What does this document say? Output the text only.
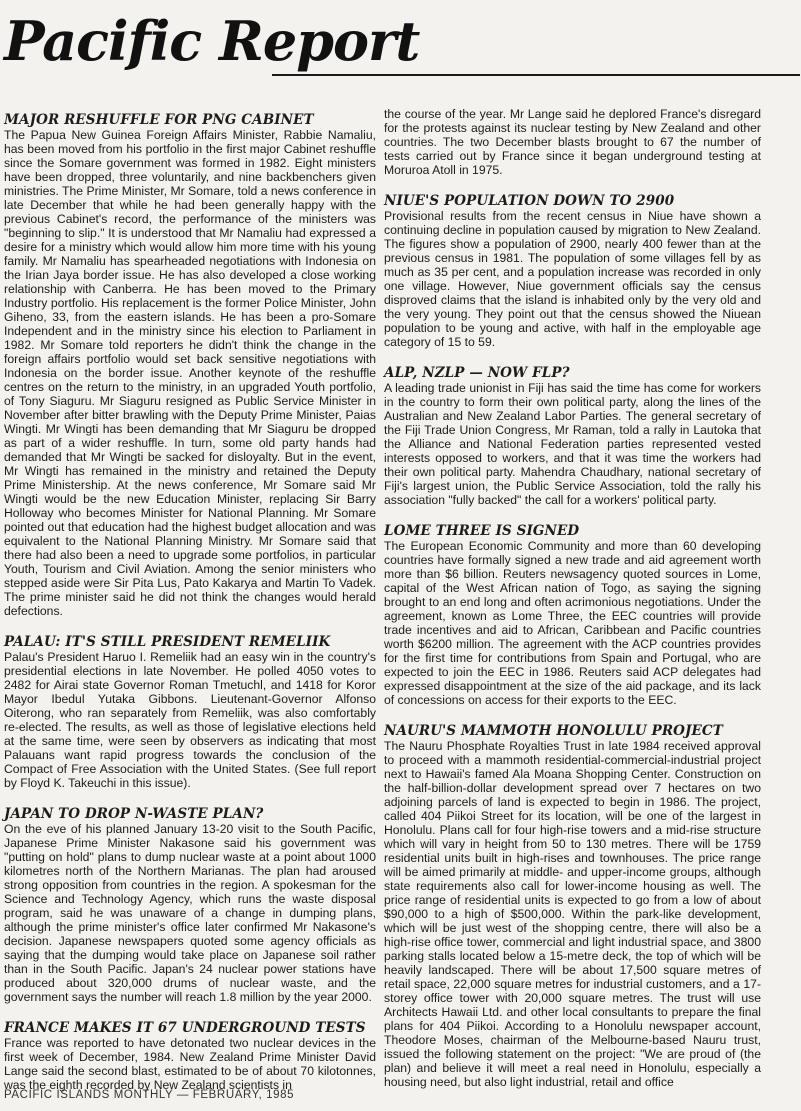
Pacific Report
MAJOR RESHUFFLE FOR PNG CABINET

The Papua New Guinea Foreign Affairs Minister, Rabbie Namaliu, has been moved from his portfolio in the first major Cabinet reshuffle since the Somare government was formed in 1982. Eight ministers have been dropped, three voluntarily, and nine backbenchers given ministries. The Prime Minister, Mr Somare, told a news conference in late December that while he had been generally happy with the previous Cabinet's record, the performance of the ministers was "beginning to slip." It is understood that Mr Namaliu had expressed a desire for a ministry which would allow him more time with his young family. Mr Namaliu has spearheaded negotiations with Indonesia on the Irian Jaya border issue. He has also developed a close working relationship with Canberra. He has been moved to the Primary Industry portfolio. His replacement is the former Police Minister, John Giheno, 33, from the eastern islands. He has been a pro-Somare Independent and in the ministry since his election to Parliament in 1982. Mr Somare told reporters he didn't think the change in the foreign affairs portfolio would set back sensitive negotiations with Indonesia on the border issue. Another keynote of the reshuffle centres on the return to the ministry, in an upgraded Youth portfolio, of Tony Siaguru. Mr Siaguru resigned as Public Service Minister in November after bitter brawling with the Deputy Prime Minister, Paias Wingti. Mr Wingti has been demanding that Mr Siaguru be dropped as part of a wider reshuffle. In turn, some old party hands had demanded that Mr Wingti be sacked for disloyalty. But in the event, Mr Wingti has remained in the ministry and retained the Deputy Prime Ministership. At the news conference, Mr Somare said Mr Wingti would be the new Education Minister, replacing Sir Barry Holloway who becomes Minister for National Planning. Mr Somare pointed out that education had the highest budget allocation and was equivalent to the National Planning Ministry. Mr Somare said that there had also been a need to upgrade some portfolios, in particular Youth, Tourism and Civil Aviation. Among the senior ministers who stepped aside were Sir Pita Lus, Pato Kakarya and Martin To Vadek. The prime minister said he did not think the changes would herald defections.

PALAU: IT'S STILL PRESIDENT REMELIIK

Palau's President Haruo I. Remeliik had an easy win in the country's presidential elections in late November. He polled 4050 votes to 2482 for Airai state Governor Roman Tmetuchl, and 1418 for Koror Mayor Ibedul Yutaka Gibbons. Lieutenant-Governor Alfonso Oiterong, who ran separately from Remeliik, was also comfortably re-elected. The results, as well as those of legislative elections held at the same time, were seen by observers as indicating that most Palauans want rapid progress towards the conclusion of the Compact of Free Association with the United States. (See full report by Floyd K. Takeuchi in this issue).

JAPAN TO DROP N-WASTE PLAN?

On the eve of his planned January 13-20 visit to the South Pacific, Japanese Prime Minister Nakasone said his government was "putting on hold" plans to dump nuclear waste at a point about 1000 kilometres north of the Northern Marianas. The plan had aroused strong opposition from countries in the region. A spokesman for the Science and Technology Agency, which runs the waste disposal program, said he was unaware of a change in dumping plans, although the prime minister's office later confirmed Mr Nakasone's decision. Japanese newspapers quoted some agency officials as saying that the dumping would take place on Japanese soil rather than in the South Pacific. Japan's 24 nuclear power stations have produced about 320,000 drums of nuclear waste, and the government says the number will reach 1.8 million by the year 2000.

FRANCE MAKES IT 67 UNDERGROUND TESTS

France was reported to have detonated two nuclear devices in the first week of December, 1984. New Zealand Prime Minister David Lange said the second blast, estimated to be of about 70 kilotonnes, was the eighth recorded by New Zealand scientists in

the course of the year. Mr Lange said he deplored France's disregard for the protests against its nuclear testing by New Zealand and other countries. The two December blasts brought to 67 the number of tests carried out by France since it began underground testing at Moruroa Atoll in 1975.

NIUE'S POPULATION DOWN TO 2900

Provisional results from the recent census in Niue have shown a continuing decline in population caused by migration to New Zealand. The figures show a population of 2900, nearly 400 fewer than at the previous census in 1981. The population of some villages fell by as much as 35 per cent, and a population increase was recorded in only one village. However, Niue government officials say the census disproved claims that the island is inhabited only by the very old and the very young. They point out that the census showed the Niuean population to be young and active, with half in the employable age category of 15 to 59.

ALP, NZLP — NOW FLP?

A leading trade unionist in Fiji has said the time has come for workers in the country to form their own political party, along the lines of the Australian and New Zealand Labor Parties. The general secretary of the Fiji Trade Union Congress, Mr Raman, told a rally in Lautoka that the Alliance and National Federation parties represented vested interests opposed to workers, and that it was time the workers had their own political party. Mahendra Chaudhary, national secretary of Fiji's largest union, the Public Service Association, told the rally his association "fully backed" the call for a workers' political party.

LOME THREE IS SIGNED

The European Economic Community and more than 60 developing countries have formally signed a new trade and aid agreement worth more than $6 billion. Reuters newsagency quoted sources in Lome, capital of the West African nation of Togo, as saying the signing brought to an end long and often acrimonious negotiations. Under the agreement, known as Lome Three, the EEC countries will provide trade incentives and aid to African, Caribbean and Pacific countries worth $6200 million. The agreement with the ACP countries provides for the first time for contributions from Spain and Portugal, who are expected to join the EEC in 1986. Reuters said ACP delegates had expressed disappointment at the size of the aid package, and its lack of concessions on access for their exports to the EEC.

NAURU'S MAMMOTH HONOLULU PROJECT

The Nauru Phosphate Royalties Trust in late 1984 received approval to proceed with a mammoth residential-commercial-industrial project next to Hawaii's famed Ala Moana Shopping Center. Construction on the half-billion-dollar development spread over 7 hectares on two adjoining parcels of land is expected to begin in 1986. The project, called 404 Piikoi Street for its location, will be one of the largest in Honolulu. Plans call for four high-rise towers and a mid-rise structure which will vary in height from 50 to 130 metres. There will be 1759 residential units built in high-rises and townhouses. The price range will be aimed primarily at middle- and upper-income groups, although state requirements also call for lower-income housing as well. The price range of residential units is expected to go from a low of about $90,000 to a high of $500,000. Within the park-like development, which will be just west of the shopping centre, there will also be a high-rise office tower, commercial and light industrial space, and 3800 parking stalls located below a 15-metre deck, the top of which will be heavily landscaped. There will be about 17,500 square metres of retail space, 22,000 square metres for industrial customers, and a 17-storey office tower with 20,000 square metres. The trust will use Architects Hawaii Ltd. and other local consultants to prepare the final plans for 404 Piikoi. According to a Honolulu newspaper account, Theodore Moses, chairman of the Melbourne-based Nauru trust, issued the following statement on the project: "We are proud of (the plan) and believe it will meet a real need in Honolulu, especially a housing need, but also light industrial, retail and office

PACIFIC ISLANDS MONTHLY — FEBRUARY, 1985
